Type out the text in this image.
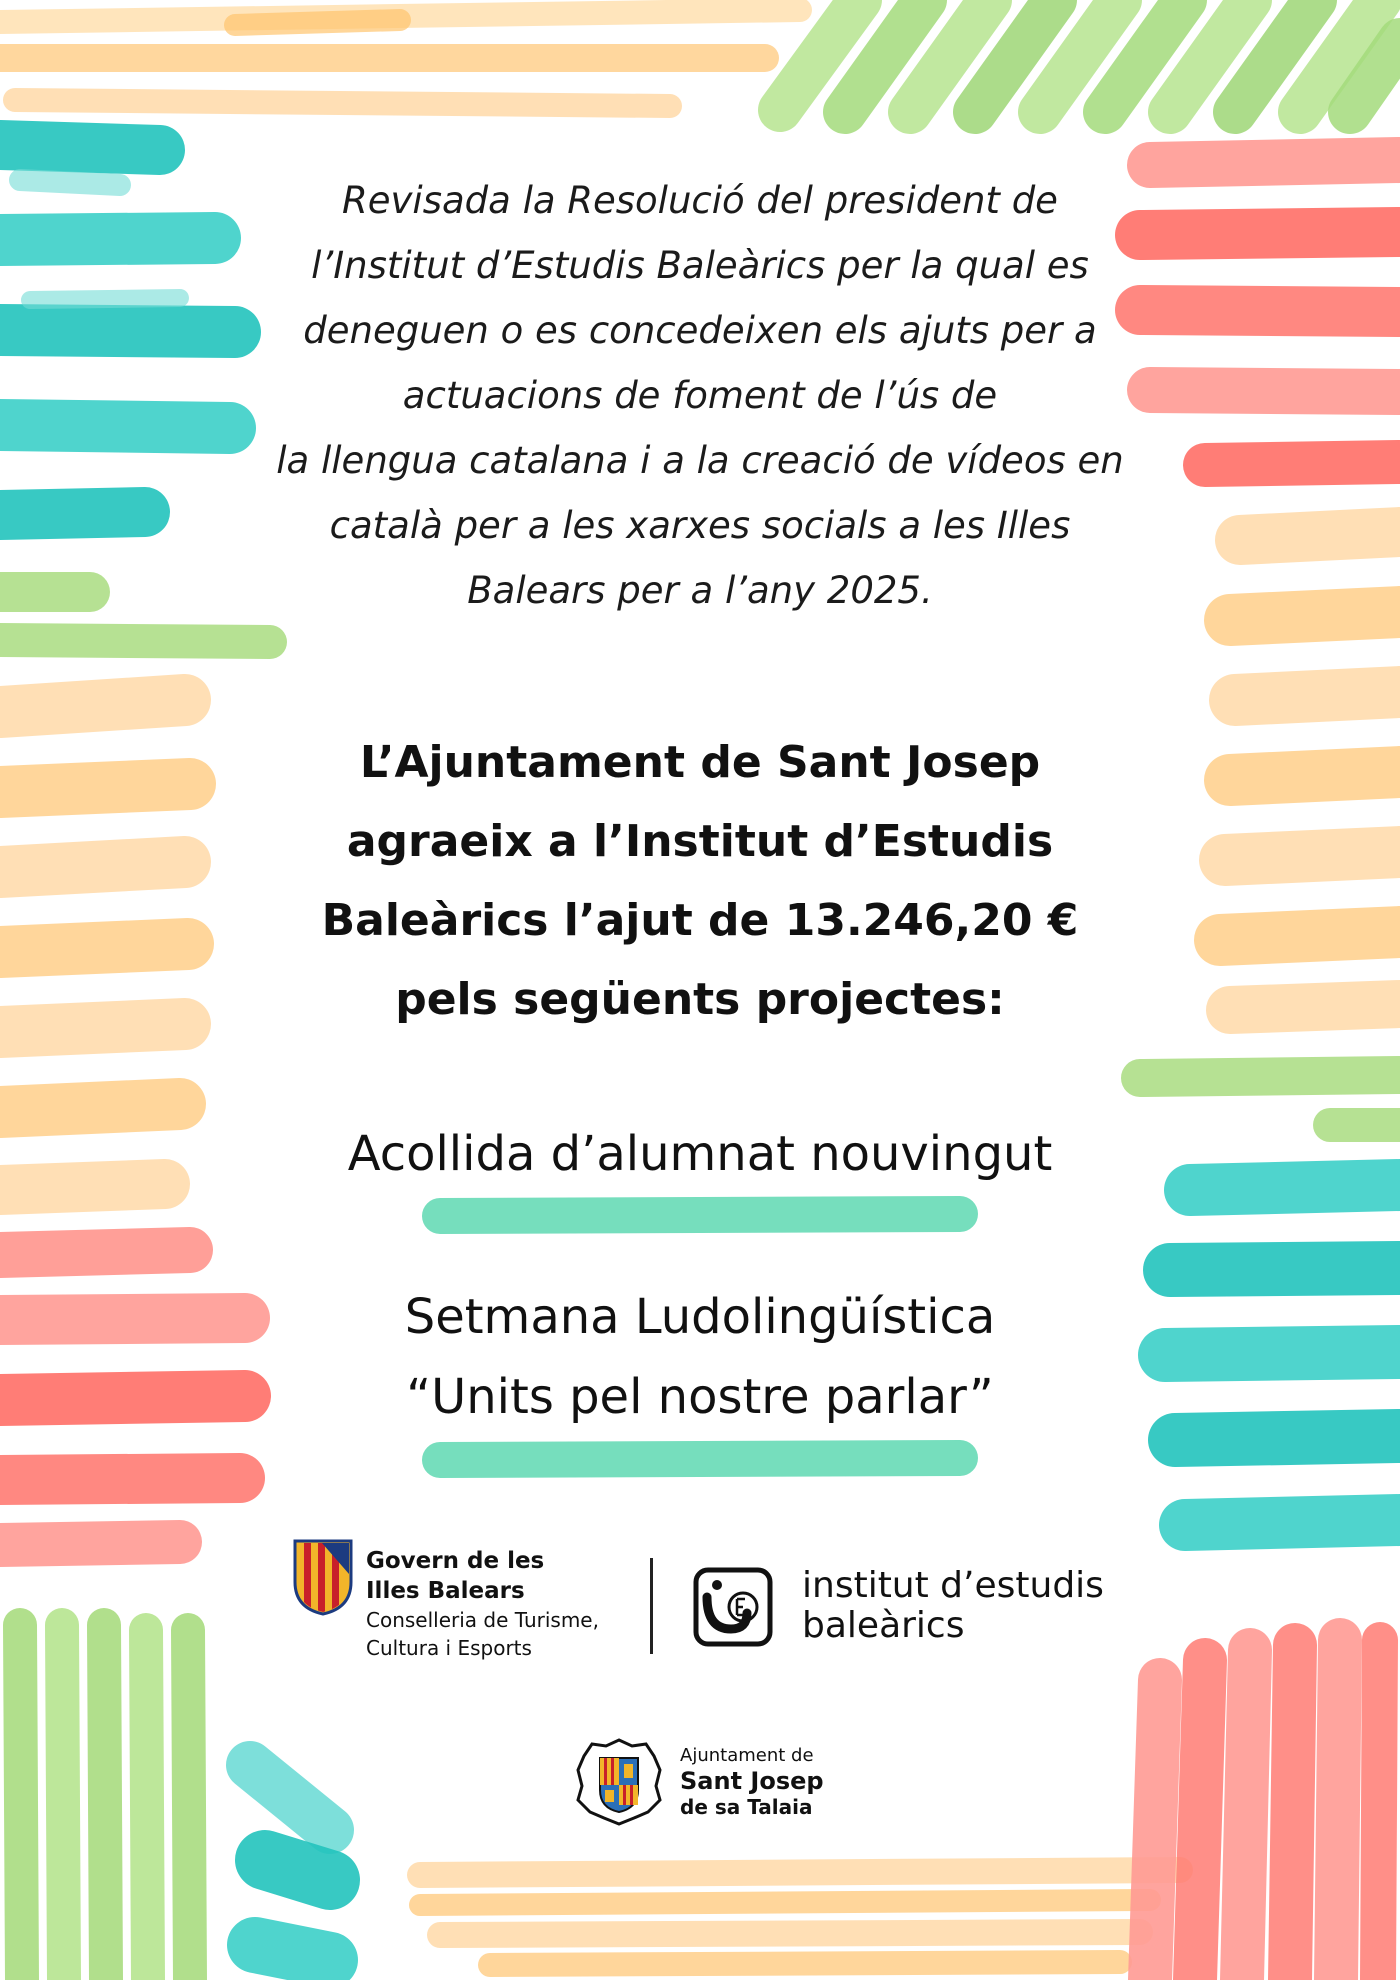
Revisada la Resolució del president de
l’Institut d’Estudis Baleàrics per la qual es
deneguen o es concedeixen els ajuts per a
actuacions de foment de l’ús de
la llengua catalana i a la creació de vídeos en
català per a les xarxes socials a les Illes
Balears per a l’any 2025.
L’Ajuntament de Sant Josep
agraeix a l’Institut d’Estudis
Baleàrics l’ajut de 13.246,20 €
pels següents projectes:
Acollida d’alumnat nouvingut
Setmana Ludolingüística
“Units pel nostre parlar”
Govern de les
Illes Balears
Conselleria de Turisme,
Cultura i Esports
institut d’estudis
baleàrics
Ajuntament de
Sant Josep
de sa Talaia
